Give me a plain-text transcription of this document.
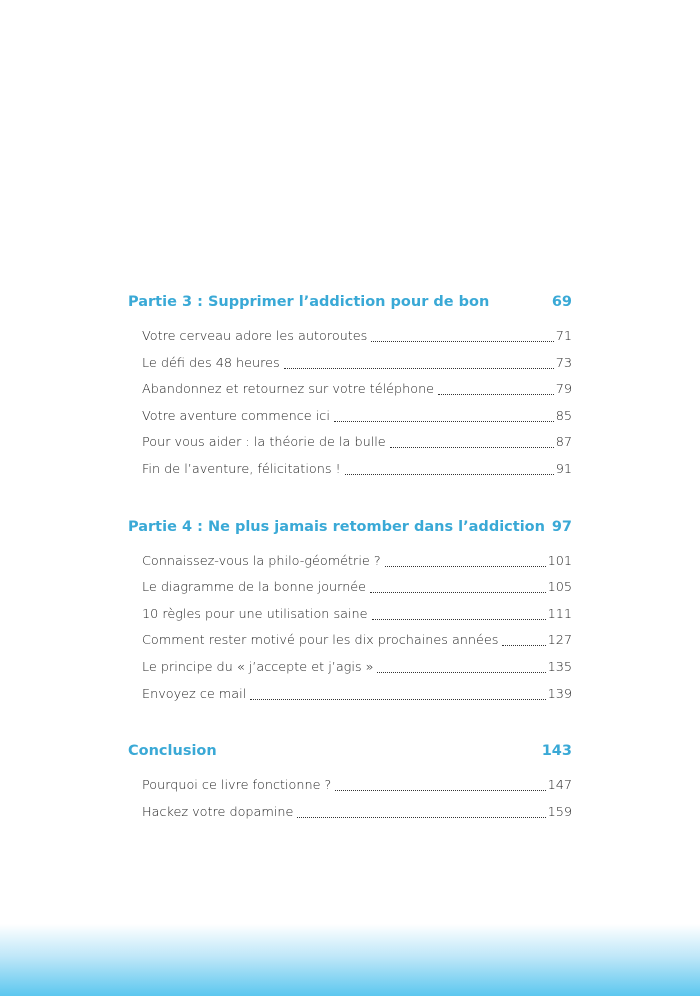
Partie 3 : Supprimer l’addiction pour de bon	69
Votre cerveau adore les autoroutes	71
Le défi des 48 heures	73
Abandonnez et retournez sur votre téléphone	79
Votre aventure commence ici	85
Pour vous aider : la théorie de la bulle	87
Fin de l’aventure, félicitations !	91
Partie 4 : Ne plus jamais retomber dans l’addiction 97
Connaissez-vous la philo-géométrie ?	101
Le diagramme de la bonne journée	105
10 règles pour une utilisation saine	111
Comment rester motivé pour les dix prochaines années	127
Le principe du « j’accepte et j’agis »	135
Envoyez ce mail	139
Conclusion	143
Pourquoi ce livre fonctionne ?	147
Hackez votre dopamine	159
